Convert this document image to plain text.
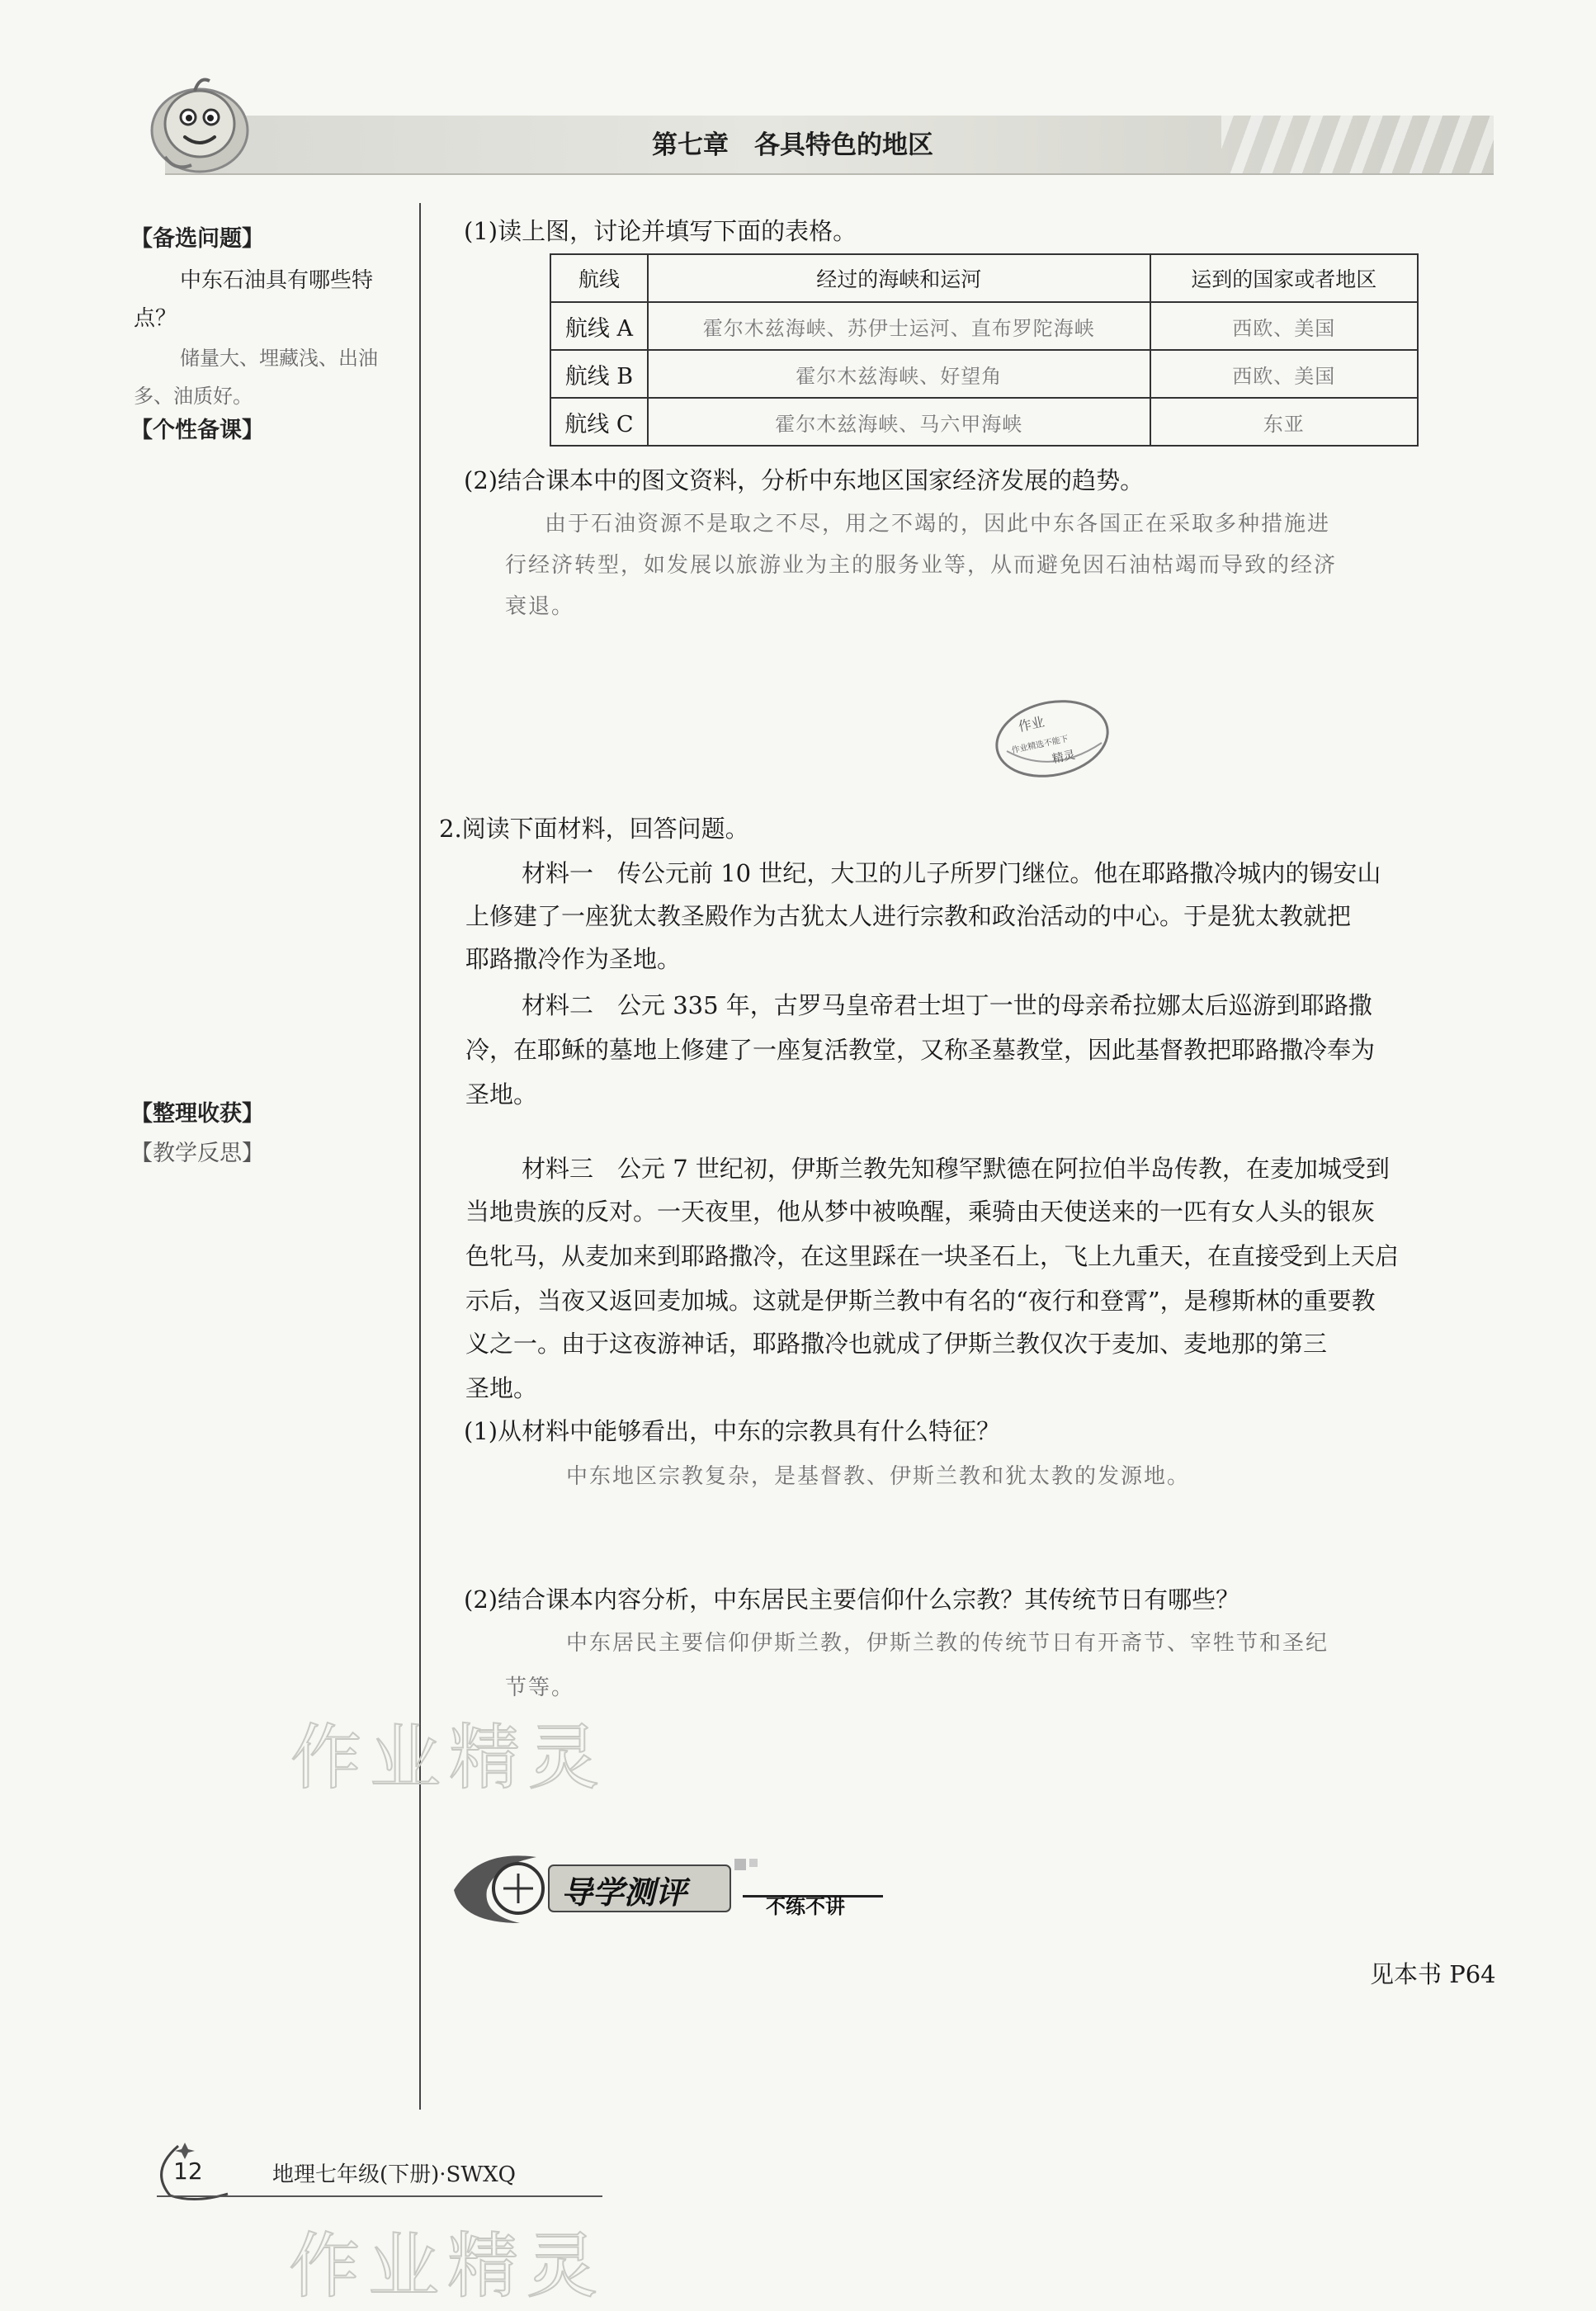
第七章　各具特色的地区
【备选问题】
中东石油具有哪些特
点？
储量大、埋藏浅、出油
多、油质好。
【个性备课】
【整理收获】
【教学反思】
(1)读上图，讨论并填写下面的表格。
航线	经过的海峡和运河	运到的国家或者地区
航线 A	霍尔木兹海峡、苏伊士运河、直布罗陀海峡	西欧、美国
航线 B	霍尔木兹海峡、好望角	西欧、美国
航线 C	霍尔木兹海峡、马六甲海峡	东亚
(2)结合课本中的图文资料，分析中东地区国家经济发展的趋势。
由于石油资源不是取之不尽，用之不竭的，因此中东各国正在采取多种措施进
行经济转型，如发展以旅游业为主的服务业等，从而避免因石油枯竭而导致的经济
衰退。
作业
作业精选不能下
精灵
2.阅读下面材料，回答问题。
材料一　传公元前 10 世纪，大卫的儿子所罗门继位。他在耶路撒冷城内的锡安山
上修建了一座犹太教圣殿作为古犹太人进行宗教和政治活动的中心。于是犹太教就把
耶路撒冷作为圣地。
材料二　公元 335 年，古罗马皇帝君士坦丁一世的母亲希拉娜太后巡游到耶路撒
冷，在耶稣的墓地上修建了一座复活教堂，又称圣墓教堂，因此基督教把耶路撒冷奉为
圣地。
材料三　公元 7 世纪初，伊斯兰教先知穆罕默德在阿拉伯半岛传教，在麦加城受到
当地贵族的反对。一天夜里，他从梦中被唤醒，乘骑由天使送来的一匹有女人头的银灰
色牝马，从麦加来到耶路撒冷，在这里踩在一块圣石上，飞上九重天，在直接受到上天启
示后，当夜又返回麦加城。这就是伊斯兰教中有名的“夜行和登霄”，是穆斯林的重要教
义之一。由于这夜游神话，耶路撒冷也就成了伊斯兰教仅次于麦加、麦地那的第三
圣地。
(1)从材料中能够看出，中东的宗教具有什么特征？
中东地区宗教复杂，是基督教、伊斯兰教和犹太教的发源地。
(2)结合课本内容分析，中东居民主要信仰什么宗教？其传统节日有哪些？
中东居民主要信仰伊斯兰教，伊斯兰教的传统节日有开斋节、宰牲节和圣纪
节等。
作业精灵
作业精灵
导学测评	不练不讲
见本书 P64
12	地理七年级(下册)·SWXQ
